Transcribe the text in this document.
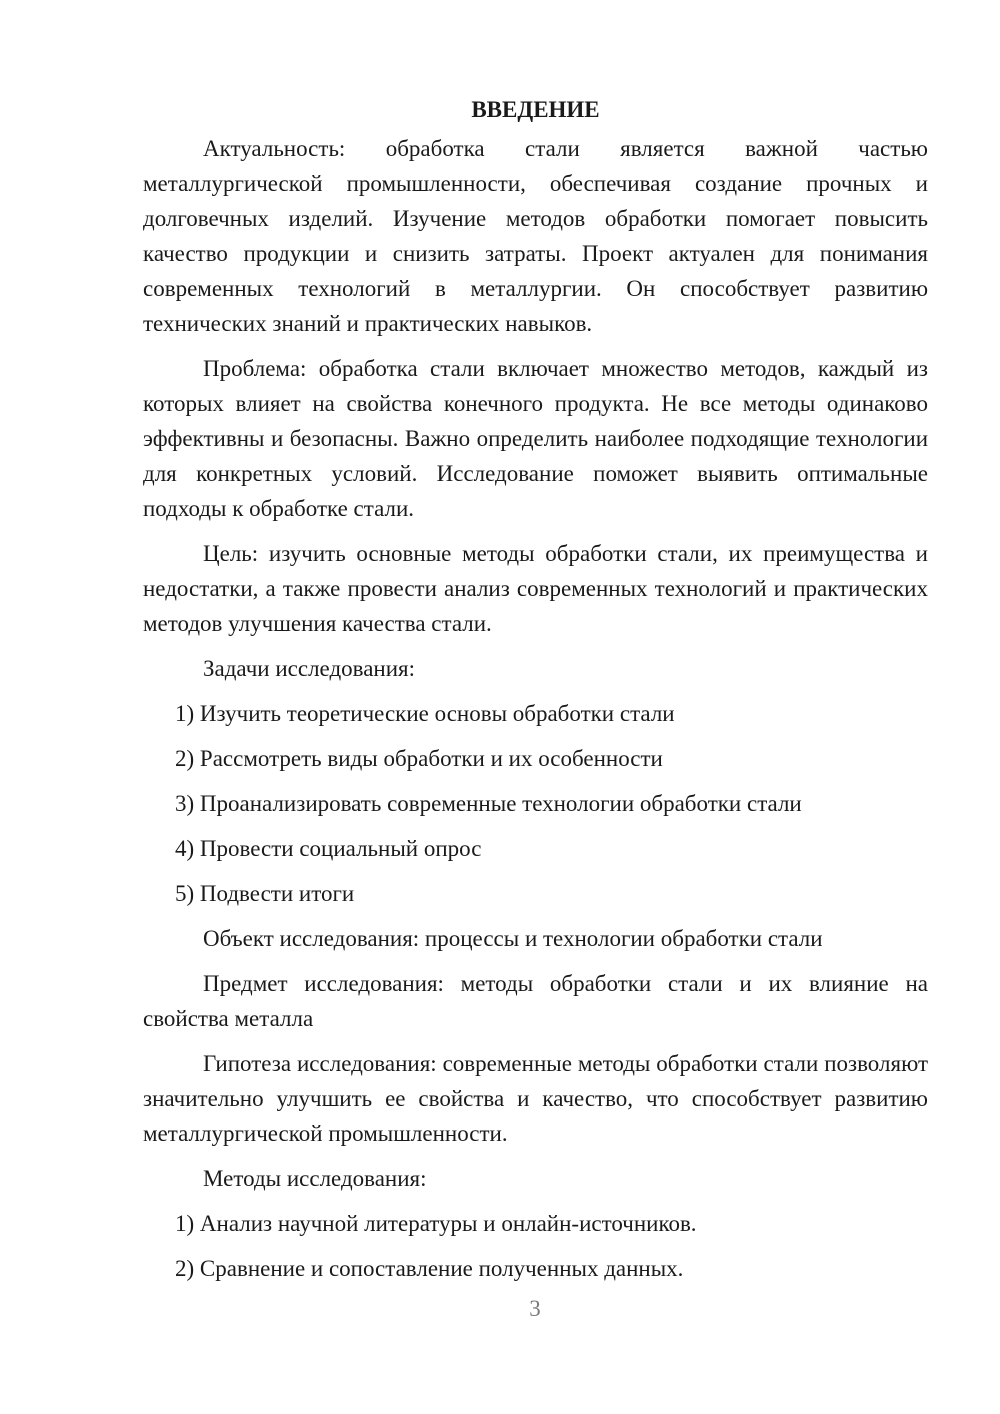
ВВЕДЕНИЕ

Актуальность: обработка стали является важной частью металлургической промышленности, обеспечивая создание прочных и долговечных изделий. Изучение методов обработки помогает повысить качество продукции и снизить затраты. Проект актуален для понимания современных технологий в металлургии. Он способствует развитию технических знаний и практических навыков.

Проблема: обработка стали включает множество методов, каждый из которых влияет на свойства конечного продукта. Не все методы одинаково эффективны и безопасны. Важно определить наиболее подходящие технологии для конкретных условий. Исследование поможет выявить оптимальные подходы к обработке стали.

Цель: изучить основные методы обработки стали, их преимущества и недостатки, а также провести анализ современных технологий и практических методов улучшения качества стали.

Задачи исследования:

1) Изучить теоретические основы обработки стали

2) Рассмотреть виды обработки и их особенности

3) Проанализировать современные технологии обработки стали

4) Провести социальный опрос

5) Подвести итоги

Объект исследования: процессы и технологии обработки стали

Предмет исследования: методы обработки стали и их влияние на свойства металла

Гипотеза исследования: современные методы обработки стали позволяют значительно улучшить ее свойства и качество, что способствует развитию металлургической промышленности.

Методы исследования:

1) Анализ научной литературы и онлайн-источников.

2) Сравнение и сопоставление полученных данных.

3
